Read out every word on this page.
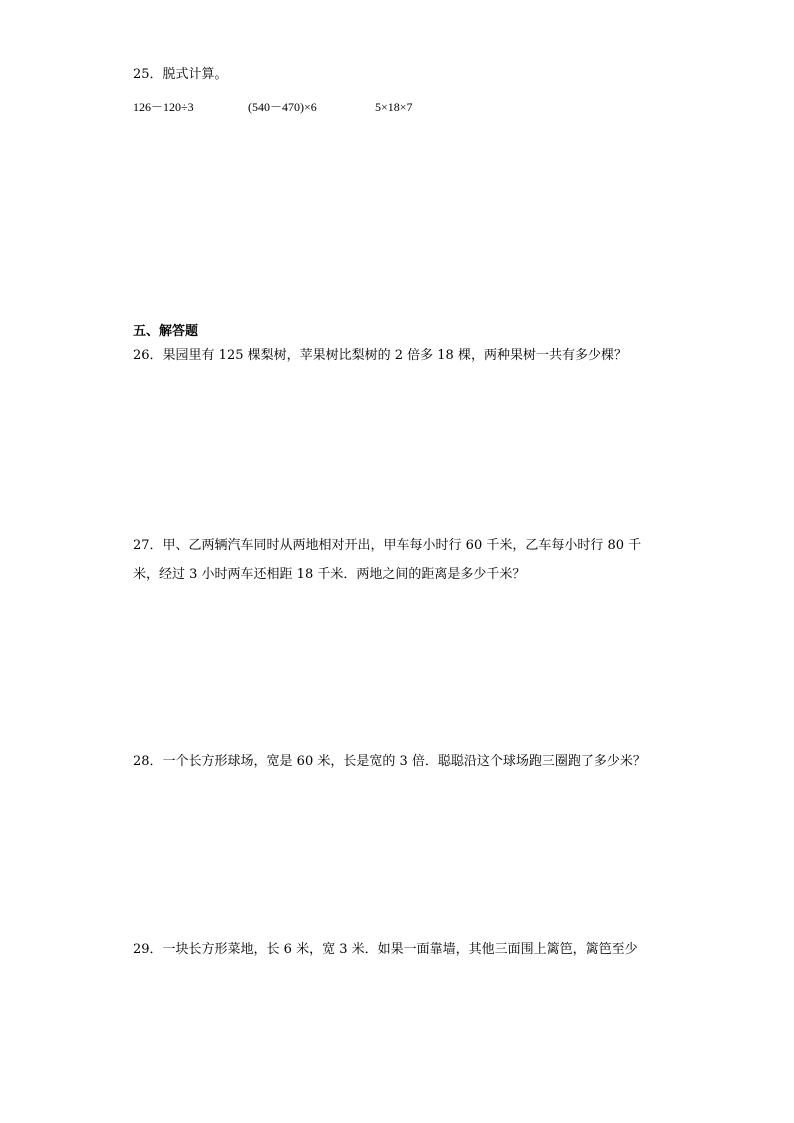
25．脱式计算。
126－120÷3	(540－470)×6	5×18×7
五、解答题
26．果园里有 125 棵梨树，苹果树比梨树的 2 倍多 18 棵，两种果树一共有多少棵？
27．甲、乙两辆汽车同时从两地相对开出，甲车每小时行 60 千米，乙车每小时行 80 千
米，经过 3 小时两车还相距 18 千米．两地之间的距离是多少千米？
28．一个长方形球场，宽是 60 米，长是宽的 3 倍．聪聪沿这个球场跑三圈跑了多少米？
29．一块长方形菜地，长 6 米，宽 3 米．如果一面靠墙，其他三面围上篱笆，篱笆至少
